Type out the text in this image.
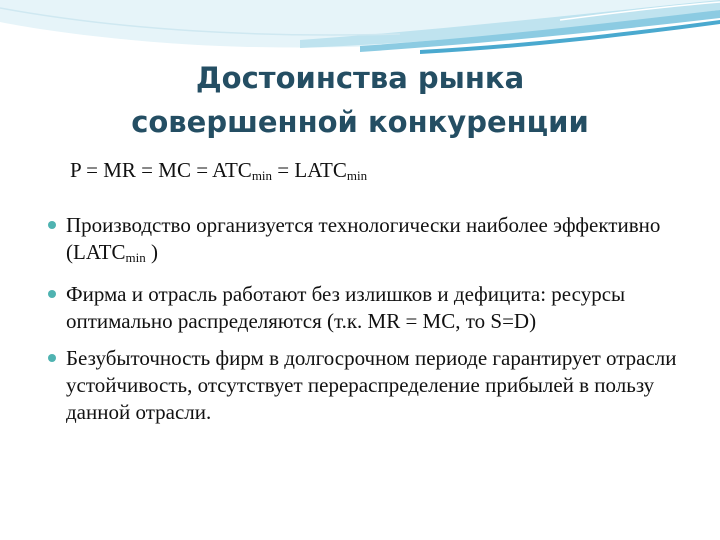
Достоинства рынка
совершенной конкуренции
P = MR = MC = $ATC_{min}$ = $LATC_{min}$
Производство организуется технологически наиболее эффективно ($LATC_{min}$ )
Фирма и отрасль работают без излишков и дефицита: ресурсы оптимально распределяются (т.к. MR = MC, то S=D)
Безубыточность фирм в долгосрочном периоде гарантирует отрасли устойчивость, отсутствует перераспределение прибылей в пользу данной отрасли.
